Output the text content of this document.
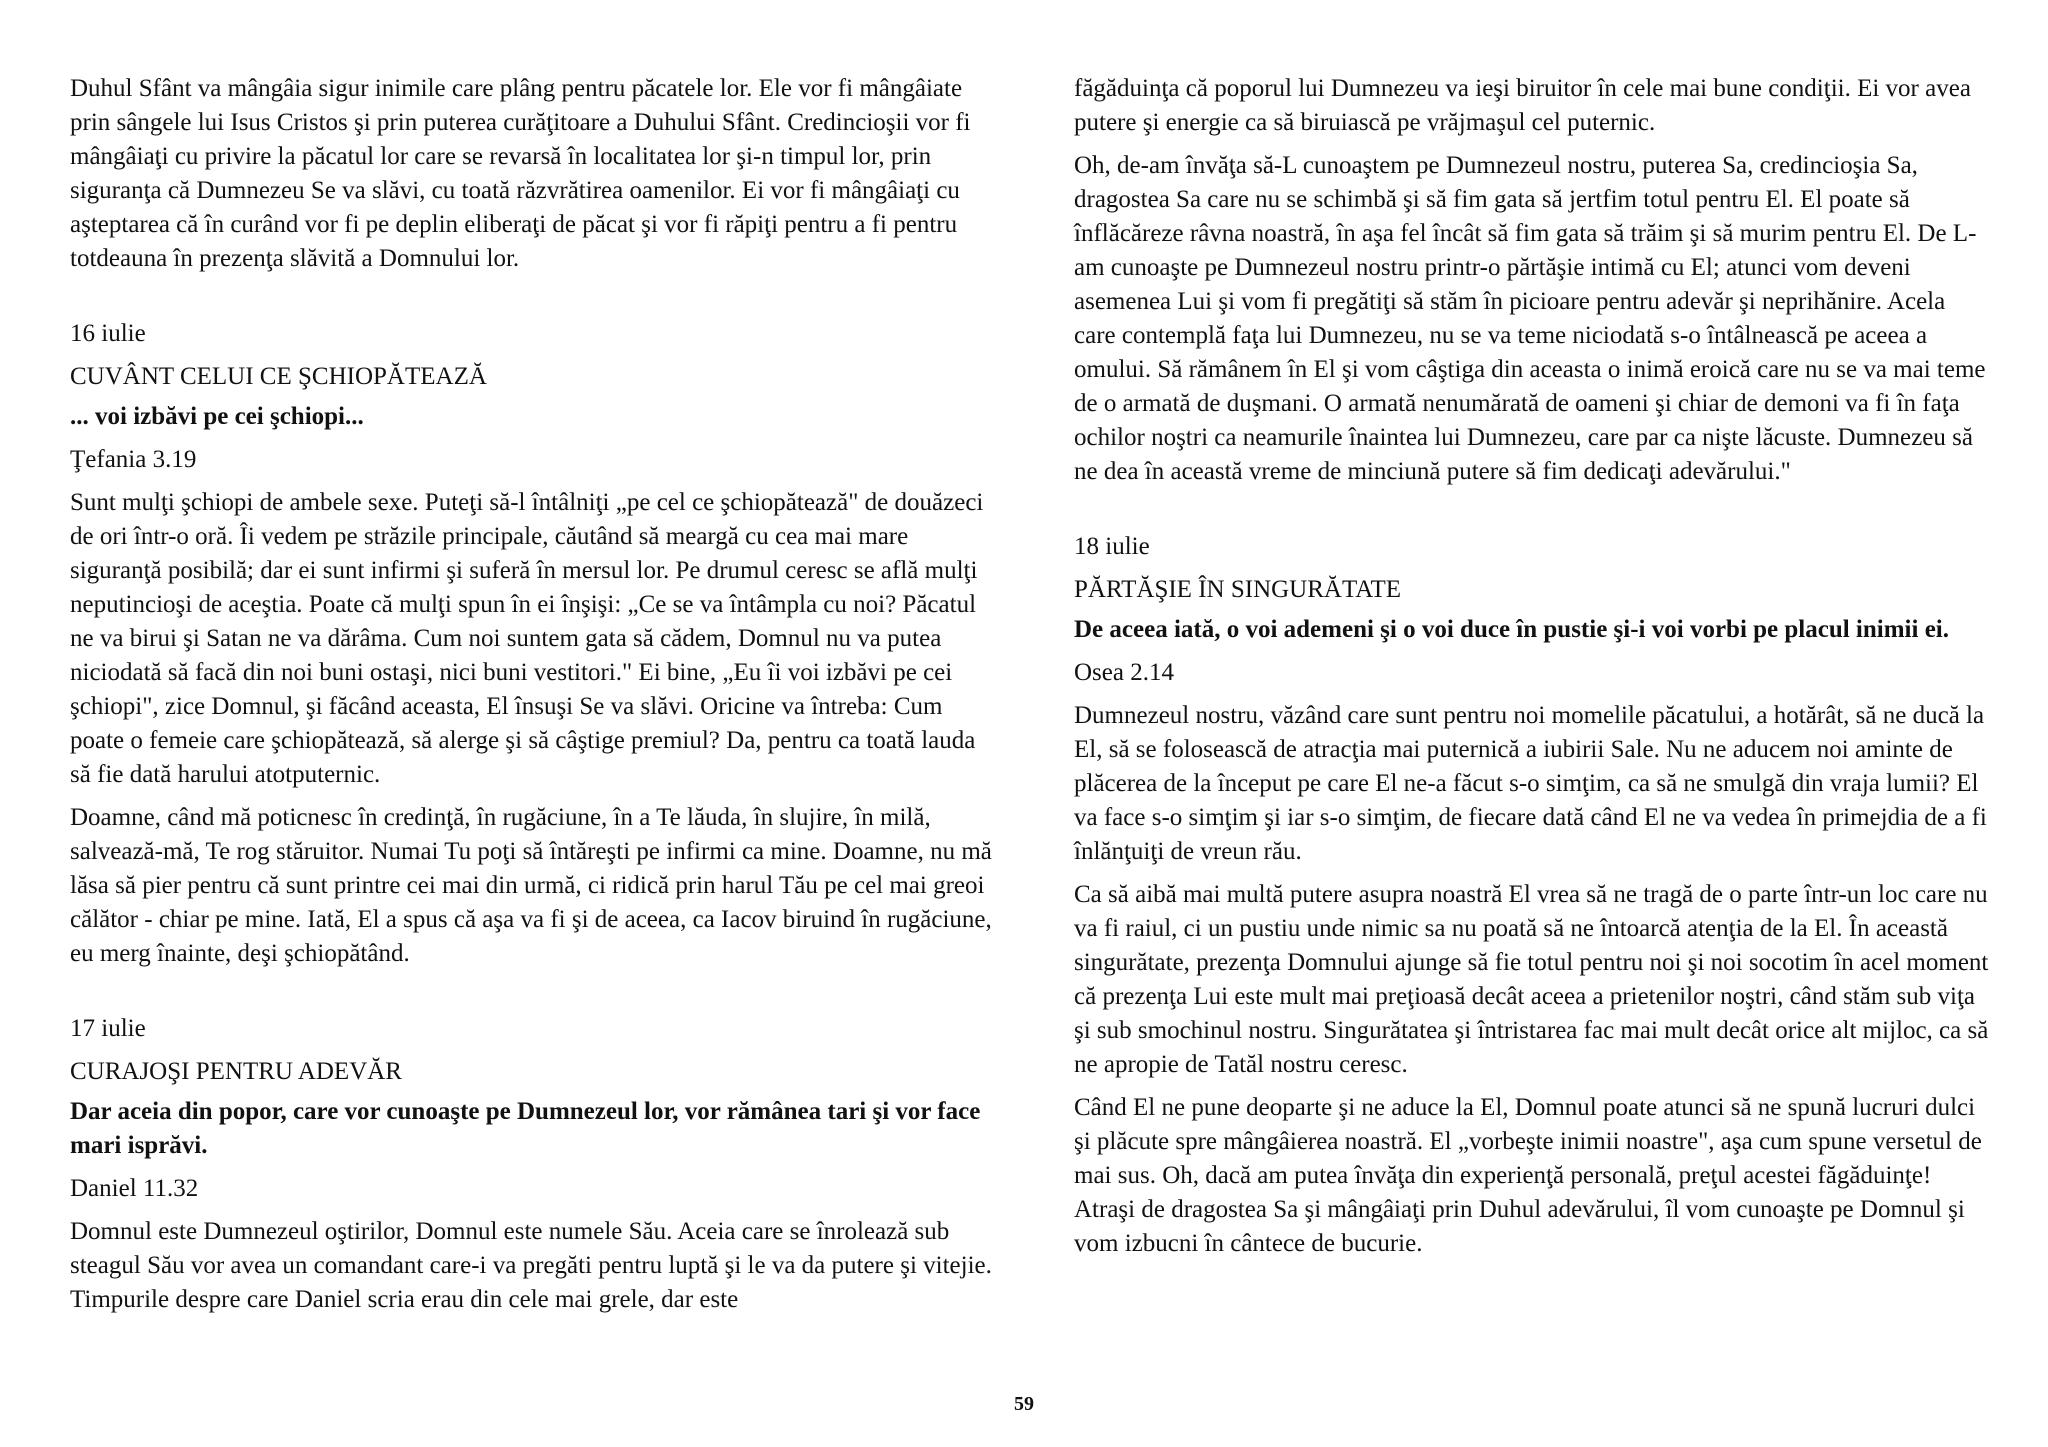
Duhul Sfânt va mângâia sigur inimile care plâng pentru păcatele lor. Ele vor fi mângâiate prin sângele lui Isus Cristos şi prin puterea curăţitoare a Duhului Sfânt. Credincioşii vor fi mângâiaţi cu privire la păcatul lor care se revarsă în localitatea lor şi-n timpul lor, prin siguranţa că Dumnezeu Se va slăvi, cu toată răzvrătirea oamenilor. Ei vor fi mângâiaţi cu aşteptarea că în curând vor fi pe deplin eliberaţi de păcat şi vor fi răpiţi pentru a fi pentru totdeauna în prezenţa slăvită a Domnului lor.

16 iulie

CUVÂNT CELUI CE ŞCHIOPĂTEAZĂ

... voi izbăvi pe cei şchiopi...

Ţefania 3.19

Sunt mulţi şchiopi de ambele sexe. Puteţi să-l întâlniţi „pe cel ce şchiopătează" de douăzeci de ori într-o oră. Îi vedem pe străzile principale, căutând să meargă cu cea mai mare siguranţă posibilă; dar ei sunt infirmi şi suferă în mersul lor. Pe drumul ceresc se află mulţi neputincioşi de aceştia. Poate că mulţi spun în ei înşişi: „Ce se va întâmpla cu noi? Păcatul ne va birui şi Satan ne va dărâma. Cum noi suntem gata să cădem, Domnul nu va putea niciodată să facă din noi buni ostaşi, nici buni vestitori." Ei bine, „Eu îi voi izbăvi pe cei şchiopi", zice Domnul, şi făcând aceasta, El însuşi Se va slăvi. Oricine va întreba: Cum poate o femeie care şchiopătează, să alerge şi să câştige premiul? Da, pentru ca toată lauda să fie dată harului atotputernic.

Doamne, când mă poticnesc în credinţă, în rugăciune, în a Te lăuda, în slujire, în milă, salvează-mă, Te rog stăruitor. Numai Tu poţi să întăreşti pe infirmi ca mine. Doamne, nu mă lăsa să pier pentru că sunt printre cei mai din urmă, ci ridică prin harul Tău pe cel mai greoi călător - chiar pe mine. Iată, El a spus că aşa va fi şi de aceea, ca Iacov biruind în rugăciune, eu merg înainte, deşi şchiopătând.

17 iulie

CURAJOŞI PENTRU ADEVĂR

Dar aceia din popor, care vor cunoaşte pe Dumnezeul lor, vor rămânea tari şi vor face mari isprăvi.

Daniel 11.32

Domnul este Dumnezeul oştirilor, Domnul este numele Său. Aceia care se înrolează sub steagul Său vor avea un comandant care-i va pregăti pentru luptă şi le va da putere şi vitejie. Timpurile despre care Daniel scria erau din cele mai grele, dar este

făgăduinţa că poporul lui Dumnezeu va ieşi biruitor în cele mai bune condiţii. Ei vor avea putere şi energie ca să biruiască pe vrăjmaşul cel puternic.

Oh, de-am învăţa să-L cunoaştem pe Dumnezeul nostru, puterea Sa, credincioşia Sa, dragostea Sa care nu se schimbă şi să fim gata să jertfim totul pentru El. El poate să înflăcăreze râvna noastră, în aşa fel încât să fim gata să trăim şi să murim pentru El. De L-am cunoaşte pe Dumnezeul nostru printr-o părtăşie intimă cu El; atunci vom deveni asemenea Lui şi vom fi pregătiţi să stăm în picioare pentru adevăr şi neprihănire. Acela care contemplă faţa lui Dumnezeu, nu se va teme niciodată s-o întâlnească pe aceea a omului. Să rămânem în El şi vom câştiga din aceasta o inimă eroică care nu se va mai teme de o armată de duşmani. O armată nenumărată de oameni şi chiar de demoni va fi în faţa ochilor noştri ca neamurile înaintea lui Dumnezeu, care par ca nişte lăcuste. Dumnezeu să ne dea în această vreme de minciună putere să fim dedicaţi adevărului."

18 iulie

PĂRTĂŞIE ÎN SINGURĂTATE

De aceea iată, o voi ademeni şi o voi duce în pustie şi-i voi vorbi pe placul inimii ei.

Osea 2.14

Dumnezeul nostru, văzând care sunt pentru noi momelile păcatului, a hotărât, să ne ducă la El, să se folosească de atracţia mai puternică a iubirii Sale. Nu ne aducem noi aminte de plăcerea de la început pe care El ne-a făcut s-o simţim, ca să ne smulgă din vraja lumii? El va face s-o simţim şi iar s-o simţim, de fiecare dată când El ne va vedea în primejdia de a fi înlănţuiţi de vreun rău.

Ca să aibă mai multă putere asupra noastră El vrea să ne tragă de o parte într-un loc care nu va fi raiul, ci un pustiu unde nimic sa nu poată să ne întoarcă atenţia de la El. În această singurătate, prezenţa Domnului ajunge să fie totul pentru noi şi noi socotim în acel moment că prezenţa Lui este mult mai preţioasă decât aceea a prietenilor noştri, când stăm sub viţa şi sub smochinul nostru. Singurătatea şi întristarea fac mai mult decât orice alt mijloc, ca să ne apropie de Tatăl nostru ceresc.

Când El ne pune deoparte şi ne aduce la El, Domnul poate atunci să ne spună lucruri dulci şi plăcute spre mângâierea noastră. El „vorbeşte inimii noastre", aşa cum spune versetul de mai sus. Oh, dacă am putea învăţa din experienţă personală, preţul acestei făgăduinţe! Atraşi de dragostea Sa şi mângâiaţi prin Duhul adevărului, îl vom cunoaşte pe Domnul şi vom izbucni în cântece de bucurie.

59
